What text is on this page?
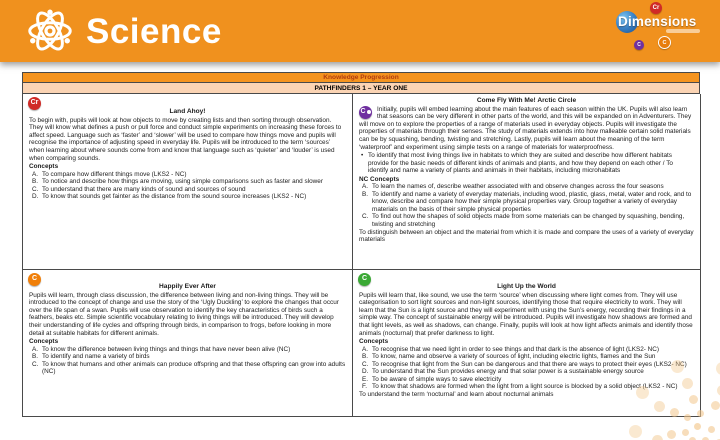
Science
Cr
Dimensions
C
C
Knowledge Progression
PATHFINDERS 1 – YEAR ONE
Cr
Land Ahoy!

To begin with, pupils will look at how objects to move by creating lists and then sorting through observation. They will know what defines a push or pull force and conduct simple experiments on increasing these forces to affect speed. Language such as ‘faster’ and ‘slower’ will be used to compare how things move and pupils will recognise the importance of adjusting speed in everyday life. Pupils will be introduced to the term ‘sources’ when learning about where sounds come from and know that language such as ‘quieter’ and ‘louder’ is used when comparing sounds.

Concepts
A. To compare how different things move (LKS2 - NC)
B. To notice and describe how things are moving, using simple comparisons such as faster and slower
C. To understand that there are many kinds of sound and sources of sound
D. To know that sounds get fainter as the distance from the sound source increases (LKS2 - NC)
Come Fly With Me! Arctic Circle
C	Initially, pupils will embed learning about the main features of each season within the UK. Pupils will also learn that seasons can be very different in other parts of the world, and this will be expanded on in Adventurers. They will move on to explore the properties of a range of materials used in everyday objects. Pupils will investigate the properties of materials through their senses. The study of materials extends into how malleable certain solid materials can be by squashing, bending, twisting and stretching. Lastly, pupils will learn about the meaning of the term ‘waterproof’ and experiment using simple tests on a range of materials for waterproofness.

• To identify that most living things live in habitats to which they are suited and describe how different habitats provide for the basic needs of different kinds of animals and plants, and how they depend on each other / To identify and name a variety of plants and animals in their habitats, including microhabitats
NC Concepts
A. To learn the names of, describe weather associated with and observe changes across the four seasons
B. To identify and name a variety of everyday materials, including wood, plastic, glass, metal, water and rock, and to know, describe and compare how their simple physical properties vary. Group together a variety of everyday materials on the basis of their simple physical properties
C. To find out how the shapes of solid objects made from some materials can be changed by squashing, bending, twisting and stretching

To distinguish between an object and the material from which it is made and compare the uses of a variety of everyday materials

C
Happily Ever After

Pupils will learn, through class discussion, the difference between living and non-living things. They will be introduced to the concept of change and use the story of the ‘Ugly Duckling’ to explore the changes that occur over the life span of a swan. Pupils will use observation to identify the key characteristics of birds such a feathers, beaks etc. Simple scientific vocabulary relating to living things will be introduced. They will develop their understanding of life cycles and offspring through birds, in comparison to frogs, before looking in more detail at suitable habitats for different animals.

Concepts
A. To know the difference between living things and things that have never been alive (NC)
B. To identify and name a variety of birds
C. To know that humans and other animals can produce offspring and that these offspring can grow into adults (NC)
C
Light Up the World

Pupils will learn that, like sound, we use the term ‘source’ when discussing where light comes from. They will use categorisation to sort light sources and non-light sources, identifying those that require electricity to work. They will learn that the Sun is a light source and they will experiment with using the Sun’s energy, recording their findings in a simple way. The concept of sustainable energy will be introduced. Pupils will investigate how shadows are formed and that light levels, as well as shadows, can change. Finally, pupils will look at how light affects animals and identify those animals (nocturnal) that prefer darkness to light.

Concepts
A. To recognise that we need light in order to see things and that dark is the absence of light (LKS2- NC)
B. To know, name and observe a variety of sources of light, including electric lights, flames and the Sun
C. To recognise that light from the Sun can be dangerous and that there are ways to protect their eyes (LKS2- NC)
D. To understand that the Sun provides energy and that solar power is a sustainable energy source
E. To be aware of simple ways to save electricity
F. To know that shadows are formed when the light from a light source is blocked by a solid object (LKS2 - NC)

To understand the term ‘nocturnal’ and learn about nocturnal animals
